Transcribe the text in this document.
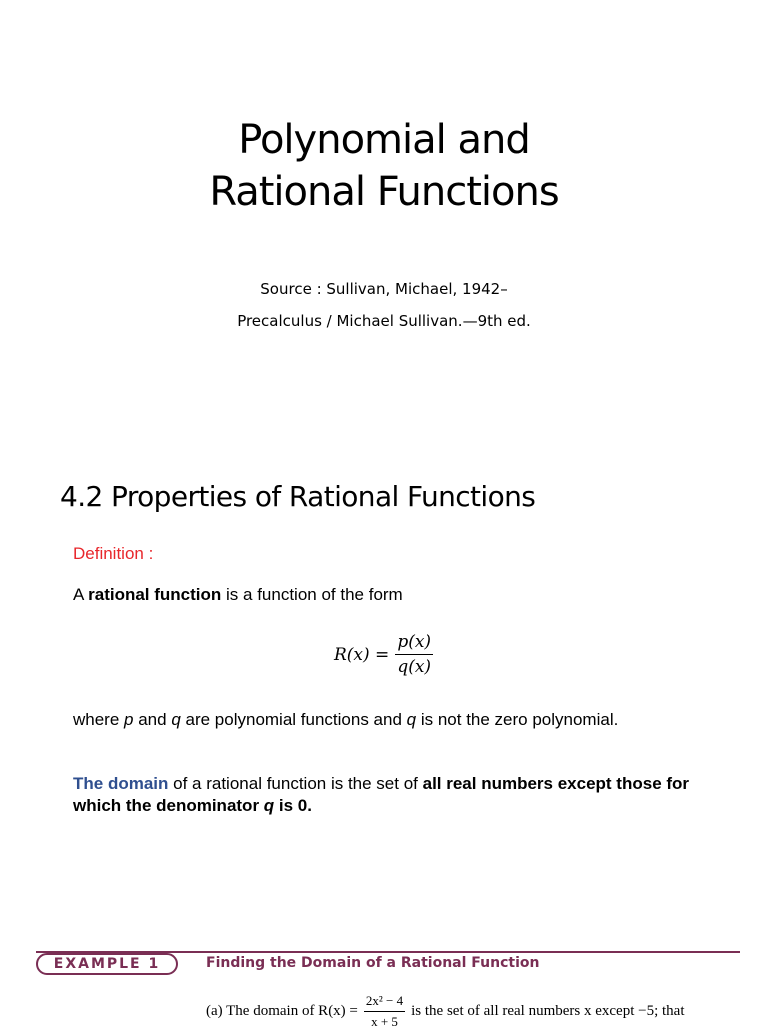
Polynomial and
Rational Functions
Source : Sullivan, Michael, 1942–
Precalculus / Michael Sullivan.—9th ed.
4.2 Properties of Rational Functions
Definition :
A rational function is a function of the form
$R(x) = \frac{p(x)}{q(x)}$
where p and q are polynomial functions and q is not the zero polynomial.
The domain of a rational function is the set of all real numbers except those for which the denominator q is 0.
EXAMPLE 1	Finding the Domain of a Rational Function
(a) The domain of $R(x) = \frac{\text{2x² − 4}}{x + 5}$ is the set of all real numbers x except −5; that
